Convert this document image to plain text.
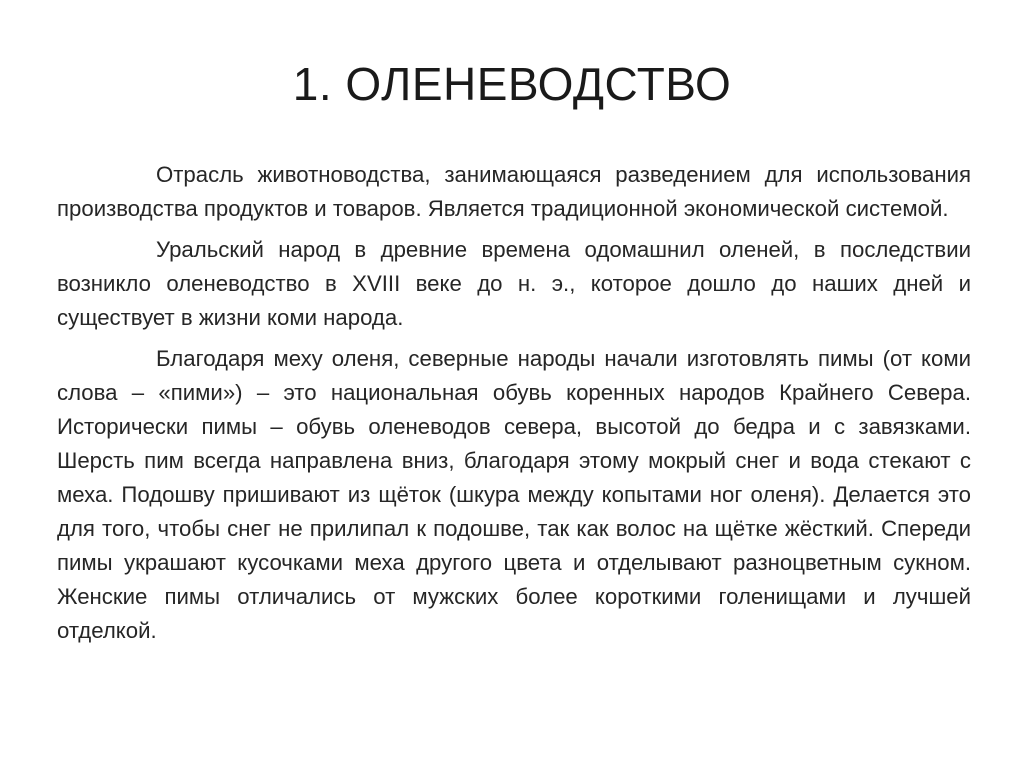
1. ОЛЕНЕВОДСТВО

Отрасль животноводства, занимающаяся разведением для использования производства продуктов и товаров. Является традиционной экономической системой.

Уральский народ в древние времена одомашнил оленей, в последствии возникло оленеводство в XVIII веке до н. э., которое дошло до наших дней и существует в жизни коми народа.

Благодаря меху оленя, северные народы начали изготовлять пимы (от коми слова – «пими») – это национальная обувь коренных народов Крайнего Севера. Исторически пимы – обувь оленеводов севера, высотой до бедра и с завязками. Шерсть пим всегда направлена вниз, благодаря этому мокрый снег и вода стекают с меха. Подошву пришивают из щёток (шкура между копытами ног оленя). Делается это для того, чтобы снег не прилипал к подошве, так как волос на щётке жёсткий. Спереди пимы украшают кусочками меха другого цвета и отделывают разноцветным сукном. Женские пимы отличались от мужских более короткими голенищами и лучшей отделкой.
